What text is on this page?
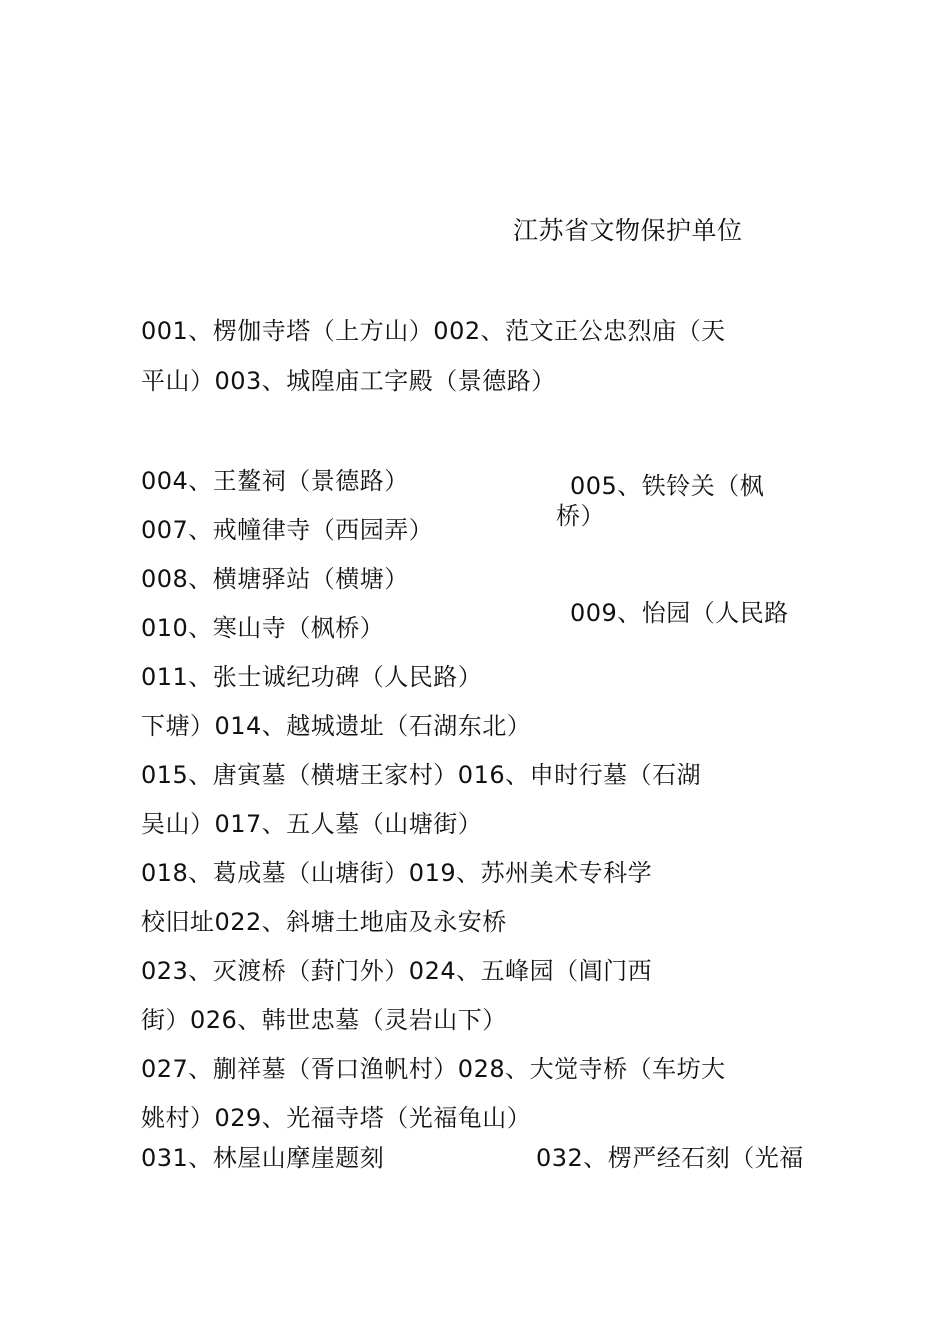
江苏省文物保护单位
001、楞伽寺塔（上方山）002、范文正公忠烈庙（天
平山）003、城隍庙工字殿（景德路）
004、王鳌祠（景德路）	005、铁铃关（枫
桥）
007、戒幢律寺（西园弄）
008、横塘驿站（横塘）
010、寒山寺（枫桥）
009、怡园（人民路
011、张士诚纪功碑（人民路）
下塘）014、越城遗址（石湖东北）
015、唐寅墓（横塘王家村）016、申时行墓（石湖
吴山）017、五人墓（山塘街）
018、葛成墓（山塘街）019、苏州美术专科学
校旧址022、斜塘土地庙及永安桥
023、灭渡桥（葑门外）024、五峰园（阊门西
街）026、韩世忠墓（灵岩山下）
027、蒯祥墓（胥口渔帆村）028、大觉寺桥（车坊大
姚村）029、光福寺塔（光福龟山）
031、林屋山摩崖题刻	032、楞严经石刻（光福
